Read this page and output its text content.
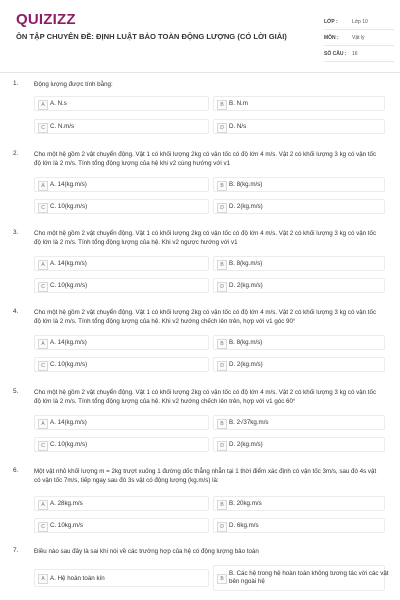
QUIZIZZ
ÔN TẬP CHUYÊN ĐỀ: ĐỊNH LUẬT BẢO TOÀN ĐỘNG LƯỢNG (CÓ LỜI GIẢI)
LỚP :	Lớp 10
MÔN :	Vật lý
SỐ CÂU :	16
1.	Động lượng được tính bằng:
A A. N.s	B B. N.m
C C. N.m/s	D D. N/s
2.	Cho một hệ gồm 2 vật chuyển động. Vật 1 có khối lượng 2kg có vận tốc có độ lớn 4 m/s. Vật 2 có khối lượng 3 kg có vận tốc độ lớn là 2 m/s. Tính tổng động lượng của hệ khi v2 cùng hướng với v1
A A. 14(kg.m/s)	B B. 8(kg.m/s)
C C. 10(kg.m/s)	D D. 2(kg.m/s)
3.	Cho một hệ gồm 2 vật chuyển động. Vật 1 có khối lượng 2kg có vận tốc có độ lớn 4 m/s. Vật 2 có khối lượng 3 kg có vận tốc độ lớn là 2 m/s. Tính tổng động lượng của hệ. Khi v2 ngược hướng với v1
A A. 14(kg.m/s)	B B. 8(kg.m/s)
C C. 10(kg.m/s)	D D. 2(kg.m/s)
4.	Cho một hệ gồm 2 vật chuyển động. Vật 1 có khối lượng 2kg có vận tốc có độ lớn 4 m/s. Vật 2 có khối lượng 3 kg có vận tốc độ lớn là 2 m/s. Tính tổng động lượng của hệ. Khi v2 hướng chếch lên trên, hợp với v1 góc 90°
A A. 14(kg.m/s)	B B. 8(kg.m/s)
C C. 10(kg.m/s)	D D. 2(kg.m/s)
5.	Cho một hệ gồm 2 vật chuyển động. Vật 1 có khối lượng 2kg có vận tốc có độ lớn 4 m/s. Vật 2 có khối lượng 3 kg có vận tốc độ lớn là 2 m/s. Tính tổng động lượng của hệ. Khi v2 hướng chếch lên trên, hợp với v1 góc 60°
A A. 14(kg.m/s)	B B. 2√37kg.m/s
C C. 10(kg.m/s)	D D. 2(kg.m/s)
6.	Một vật nhỏ khối lượng m = 2kg trượt xuống 1 đường dốc thẳng nhẵn tại 1 thời điểm xác định có vận tốc 3m/s, sau đó 4s vật có vận tốc 7m/s, tiếp ngay sau đó 3s vật có động lượng (kg.m/s) là:
A A. 28kg.m/s	B B. 20kg.m/s
C C. 10kg.m/s	D D. 6kg.m/s
7.	Điều nào sau đây là sai khi nói về các trường hợp của hệ có động lượng bảo toàn
A A. Hệ hoàn toàn kín	B
B. Các hệ trong hệ hoàn toàn không tương tác với các vật bên ngoài hệ
